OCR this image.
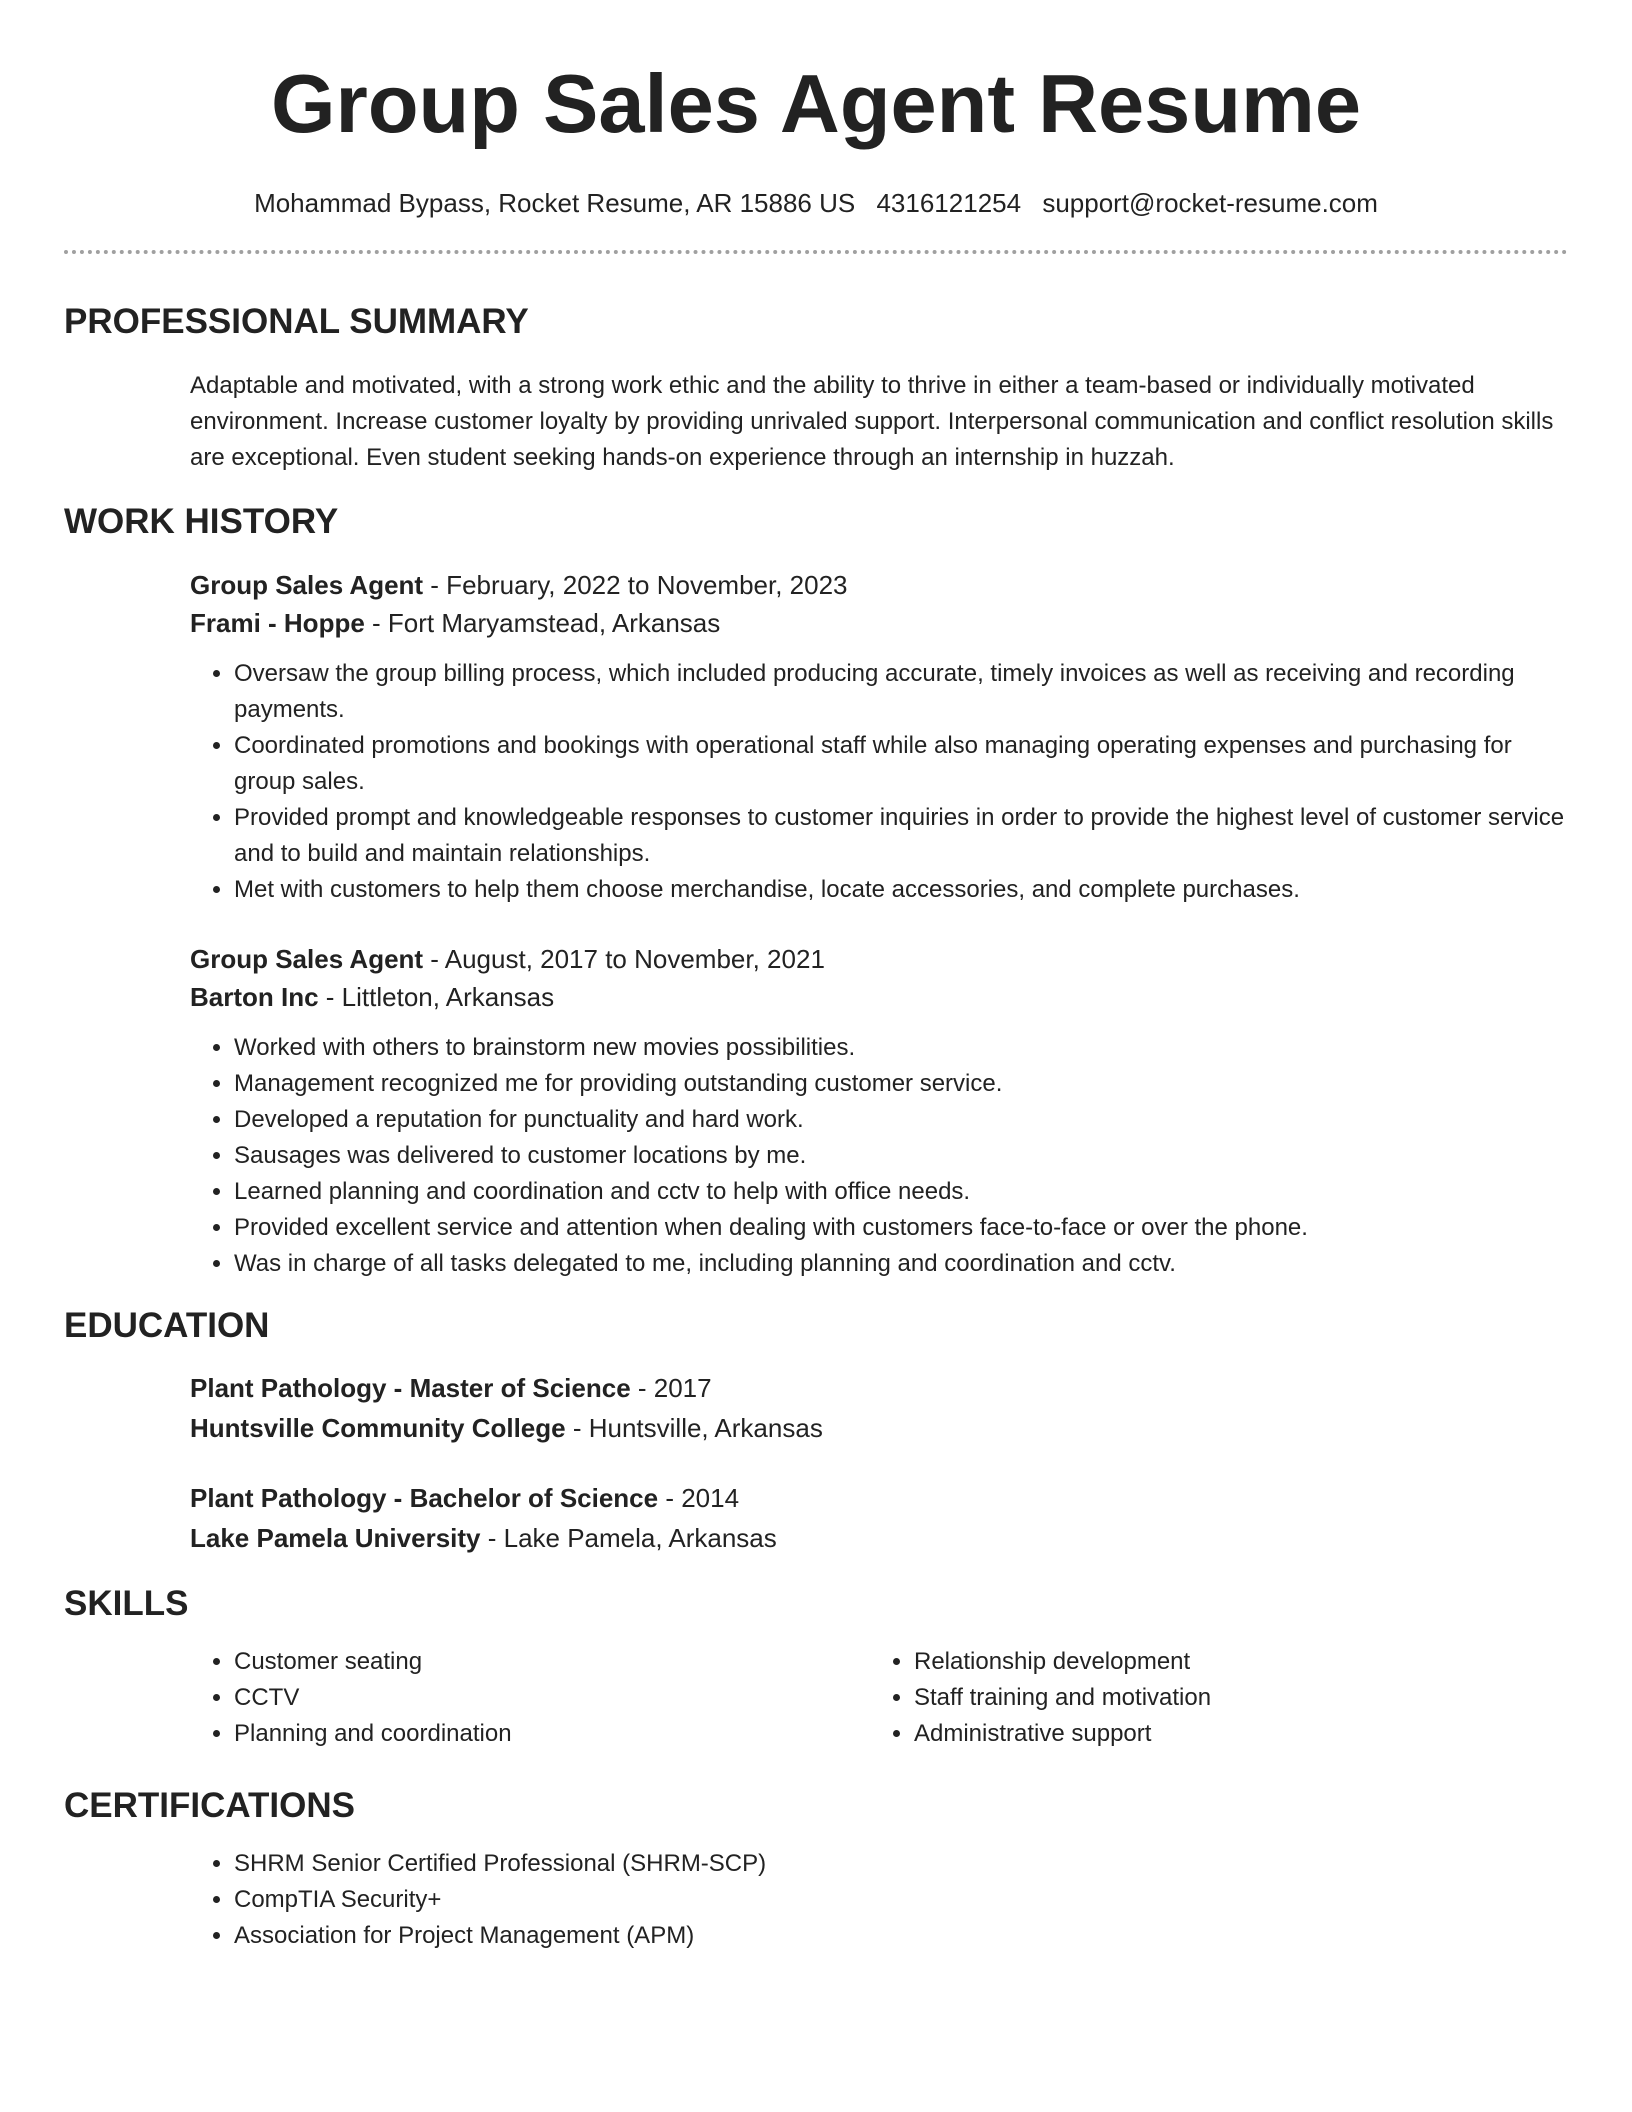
Group Sales Agent Resume
Mohammad Bypass, Rocket Resume, AR 15886 US 4316121254 support@rocket-resume.com
PROFESSIONAL SUMMARY
Adaptable and motivated, with a strong work ethic and the ability to thrive in either a team-based or individually motivated environment. Increase customer loyalty by providing unrivaled support. Interpersonal communication and conflict resolution skills are exceptional. Even student seeking hands-on experience through an internship in huzzah.
WORK HISTORY
Group Sales Agent - February, 2022 to November, 2023
Frami - Hoppe - Fort Maryamstead, Arkansas
• Oversaw the group billing process, which included producing accurate, timely invoices as well as receiving and recording payments.
• Coordinated promotions and bookings with operational staff while also managing operating expenses and purchasing for group sales.
• Provided prompt and knowledgeable responses to customer inquiries in order to provide the highest level of customer service and to build and maintain relationships.
• Met with customers to help them choose merchandise, locate accessories, and complete purchases.
Group Sales Agent - August, 2017 to November, 2021
Barton Inc - Littleton, Arkansas
• Worked with others to brainstorm new movies possibilities.
• Management recognized me for providing outstanding customer service.
• Developed a reputation for punctuality and hard work.
• Sausages was delivered to customer locations by me.
• Learned planning and coordination and cctv to help with office needs.
• Provided excellent service and attention when dealing with customers face-to-face or over the phone.
• Was in charge of all tasks delegated to me, including planning and coordination and cctv.
EDUCATION
Plant Pathology - Master of Science - 2017
Huntsville Community College - Huntsville, Arkansas
Plant Pathology - Bachelor of Science - 2014
Lake Pamela University - Lake Pamela, Arkansas
SKILLS
• Customer seating
• CCTV
• Planning and coordination
• Relationship development
• Staff training and motivation
• Administrative support
CERTIFICATIONS
• SHRM Senior Certified Professional (SHRM-SCP)
• CompTIA Security+
• Association for Project Management (APM)
